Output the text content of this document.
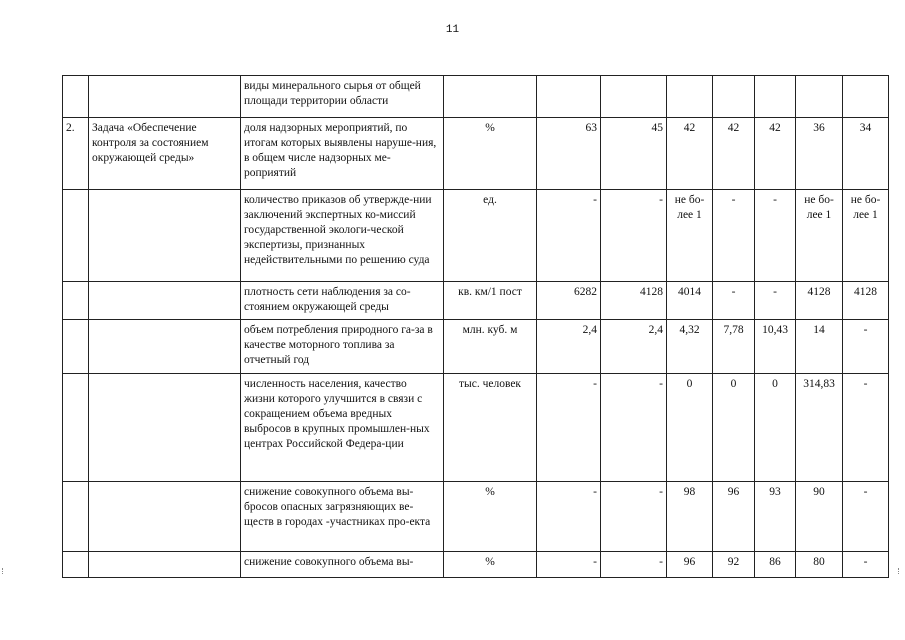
11
		виды минерального сырья от общей площади территории области								
2.	Задача «Обеспечение контроля за состоянием окружающей среды»	доля надзорных мероприятий, по итогам которых выявлены наруше-ния, в общем числе надзорных ме-роприятий	%	63	45	42	42	42	36	34
		количество приказов об утвержде-нии заключений экспертных ко-миссий государственной экологи-ческой экспертизы, признанных недействительными по решению суда	ед.	-	-	не бо-лее 1	-	-	не бо-лее 1	не бо-лее 1
		плотность сети наблюдения за со-стоянием окружающей среды	кв. км/1 пост	6282	4128	4014	-	-	4128	4128
		объем потребления природного га-за в качестве моторного топлива за отчетный год	млн. куб. м	2,4	2,4	4,32	7,78	10,43	14	-
		численность населения, качество жизни которого улучшится в связи с сокращением объема вредных выбросов в крупных промышлен-ных центрах Российской Федера-ции	тыс. человек	-	-	0	0	0	314,83	-
		снижение совокупного объема вы-бросов опасных загрязняющих ве-ществ в городах -участниках про-екта	%	-	-	98	96	93	90	-
		снижение совокупного объема вы-	%	-	-	96	92	86	80	-
